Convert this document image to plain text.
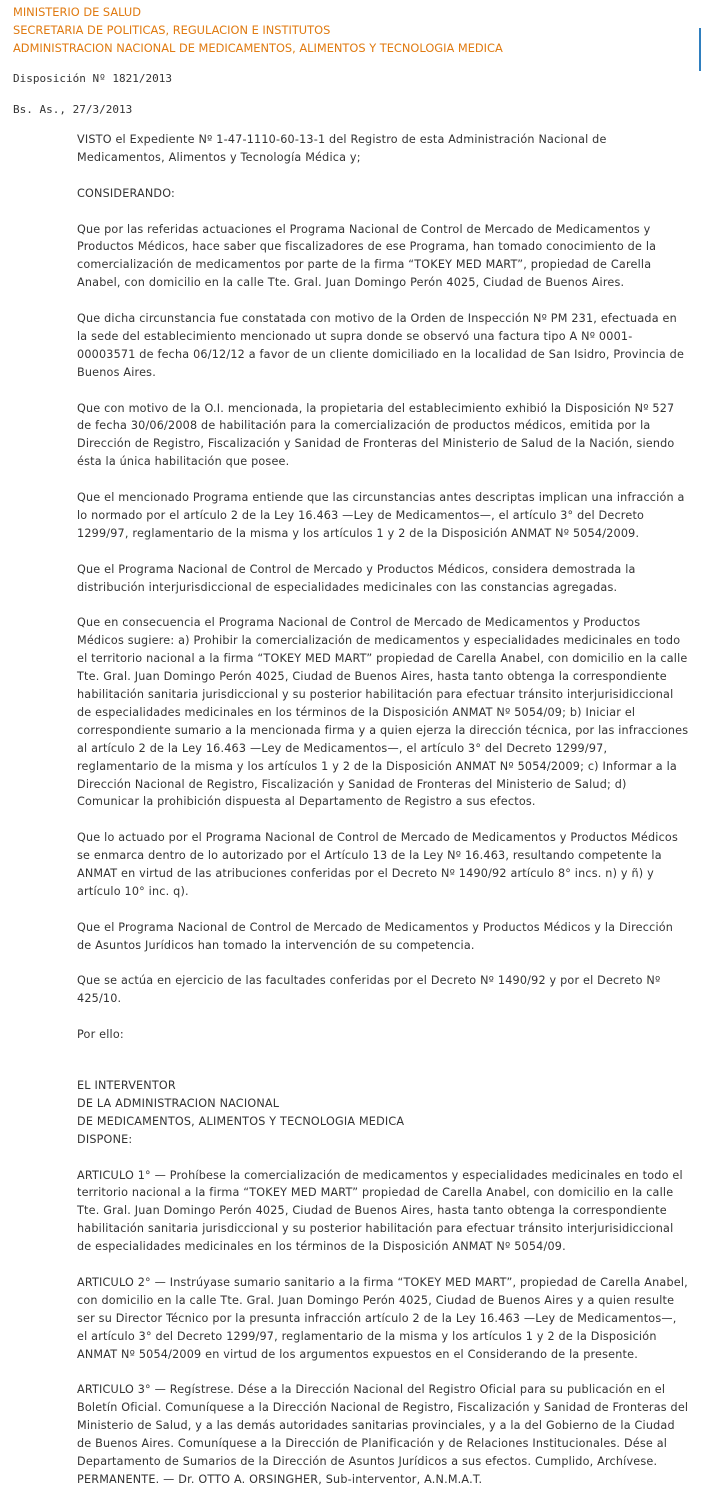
MINISTERIO DE SALUD
SECRETARIA DE POLITICAS, REGULACION E INSTITUTOS
ADMINISTRACION NACIONAL DE MEDICAMENTOS, ALIMENTOS Y TECNOLOGIA MEDICA
Disposición Nº 1821/2013
Bs. As., 27/3/2013

VISTO el Expediente Nº 1-47-1110-60-13-1 del Registro de esta Administración Nacional de Medicamentos, Alimentos y Tecnología Médica y;

CONSIDERANDO:

Que por las referidas actuaciones el Programa Nacional de Control de Mercado de Medicamentos y Productos Médicos, hace saber que fiscalizadores de ese Programa, han tomado conocimiento de la comercialización de medicamentos por parte de la firma “TOKEY MED MART”, propiedad de Carella Anabel, con domicilio en la calle Tte. Gral. Juan Domingo Perón 4025, Ciudad de Buenos Aires.

Que dicha circunstancia fue constatada con motivo de la Orden de Inspección Nº PM 231, efectuada en la sede del establecimiento mencionado ut supra donde se observó una factura tipo A Nº 0001-00003571 de fecha 06/12/12 a favor de un cliente domiciliado en la localidad de San Isidro, Provincia de Buenos Aires.

Que con motivo de la O.I. mencionada, la propietaria del establecimiento exhibió la Disposición Nº 527 de fecha 30/06/2008 de habilitación para la comercialización de productos médicos, emitida por la Dirección de Registro, Fiscalización y Sanidad de Fronteras del Ministerio de Salud de la Nación, siendo ésta la única habilitación que posee.

Que el mencionado Programa entiende que las circunstancias antes descriptas implican una infracción a lo normado por el artículo 2 de la Ley 16.463 —Ley de Medicamentos—, el artículo 3° del Decreto 1299/97, reglamentario de la misma y los artículos 1 y 2 de la Disposición ANMAT Nº 5054/2009.

Que el Programa Nacional de Control de Mercado y Productos Médicos, considera demostrada la distribución interjurisdiccional de especialidades medicinales con las constancias agregadas.

Que en consecuencia el Programa Nacional de Control de Mercado de Medicamentos y Productos Médicos sugiere: a) Prohibir la comercialización de medicamentos y especialidades medicinales en todo el territorio nacional a la firma “TOKEY MED MART” propiedad de Carella Anabel, con domicilio en la calle Tte. Gral. Juan Domingo Perón 4025, Ciudad de Buenos Aires, hasta tanto obtenga la correspondiente habilitación sanitaria jurisdiccional y su posterior habilitación para efectuar tránsito interjurisidiccional de especialidades medicinales en los términos de la Disposición ANMAT Nº 5054/09; b) Iniciar el correspondiente sumario a la mencionada firma y a quien ejerza la dirección técnica, por las infracciones al artículo 2 de la Ley 16.463 —Ley de Medicamentos—, el artículo 3° del Decreto 1299/97, reglamentario de la misma y los artículos 1 y 2 de la Disposición ANMAT Nº 5054/2009; c) Informar a la Dirección Nacional de Registro, Fiscalización y Sanidad de Fronteras del Ministerio de Salud; d) Comunicar la prohibición dispuesta al Departamento de Registro a sus efectos.

Que lo actuado por el Programa Nacional de Control de Mercado de Medicamentos y Productos Médicos se enmarca dentro de lo autorizado por el Artículo 13 de la Ley Nº 16.463, resultando competente la ANMAT en virtud de las atribuciones conferidas por el Decreto Nº 1490/92 artículo 8° incs. n) y ñ) y artículo 10° inc. q).

Que el Programa Nacional de Control de Mercado de Medicamentos y Productos Médicos y la Dirección de Asuntos Jurídicos han tomado la intervención de su competencia.

Que se actúa en ejercicio de las facultades conferidas por el Decreto Nº 1490/92 y por el Decreto Nº 425/10.

Por ello:

EL INTERVENTOR
DE LA ADMINISTRACION NACIONAL
DE MEDICAMENTOS, ALIMENTOS Y TECNOLOGIA MEDICA
DISPONE:

ARTICULO 1° — Prohíbese la comercialización de medicamentos y especialidades medicinales en todo el territorio nacional a la firma “TOKEY MED MART” propiedad de Carella Anabel, con domicilio en la calle Tte. Gral. Juan Domingo Perón 4025, Ciudad de Buenos Aires, hasta tanto obtenga la correspondiente habilitación sanitaria jurisdiccional y su posterior habilitación para efectuar tránsito interjurisidiccional de especialidades medicinales en los términos de la Disposición ANMAT Nº 5054/09.

ARTICULO 2° — Instrúyase sumario sanitario a la firma “TOKEY MED MART”, propiedad de Carella Anabel, con domicilio en la calle Tte. Gral. Juan Domingo Perón 4025, Ciudad de Buenos Aires y a quien resulte ser su Director Técnico por la presunta infracción artículo 2 de la Ley 16.463 —Ley de Medicamentos—, el artículo 3° del Decreto 1299/97, reglamentario de la misma y los artículos 1 y 2 de la Disposición ANMAT Nº 5054/2009 en virtud de los argumentos expuestos en el Considerando de la presente.

ARTICULO 3° — Regístrese. Dése a la Dirección Nacional del Registro Oficial para su publicación en el Boletín Oficial. Comuníquese a la Dirección Nacional de Registro, Fiscalización y Sanidad de Fronteras del Ministerio de Salud, y a las demás autoridades sanitarias provinciales, y a la del Gobierno de la Ciudad de Buenos Aires. Comuníquese a la Dirección de Planificación y de Relaciones Institucionales. Dése al Departamento de Sumarios de la Dirección de Asuntos Jurídicos a sus efectos. Cumplido, Archívese. PERMANENTE. — Dr. OTTO A. ORSINGHER, Sub-interventor, A.N.M.A.T.
